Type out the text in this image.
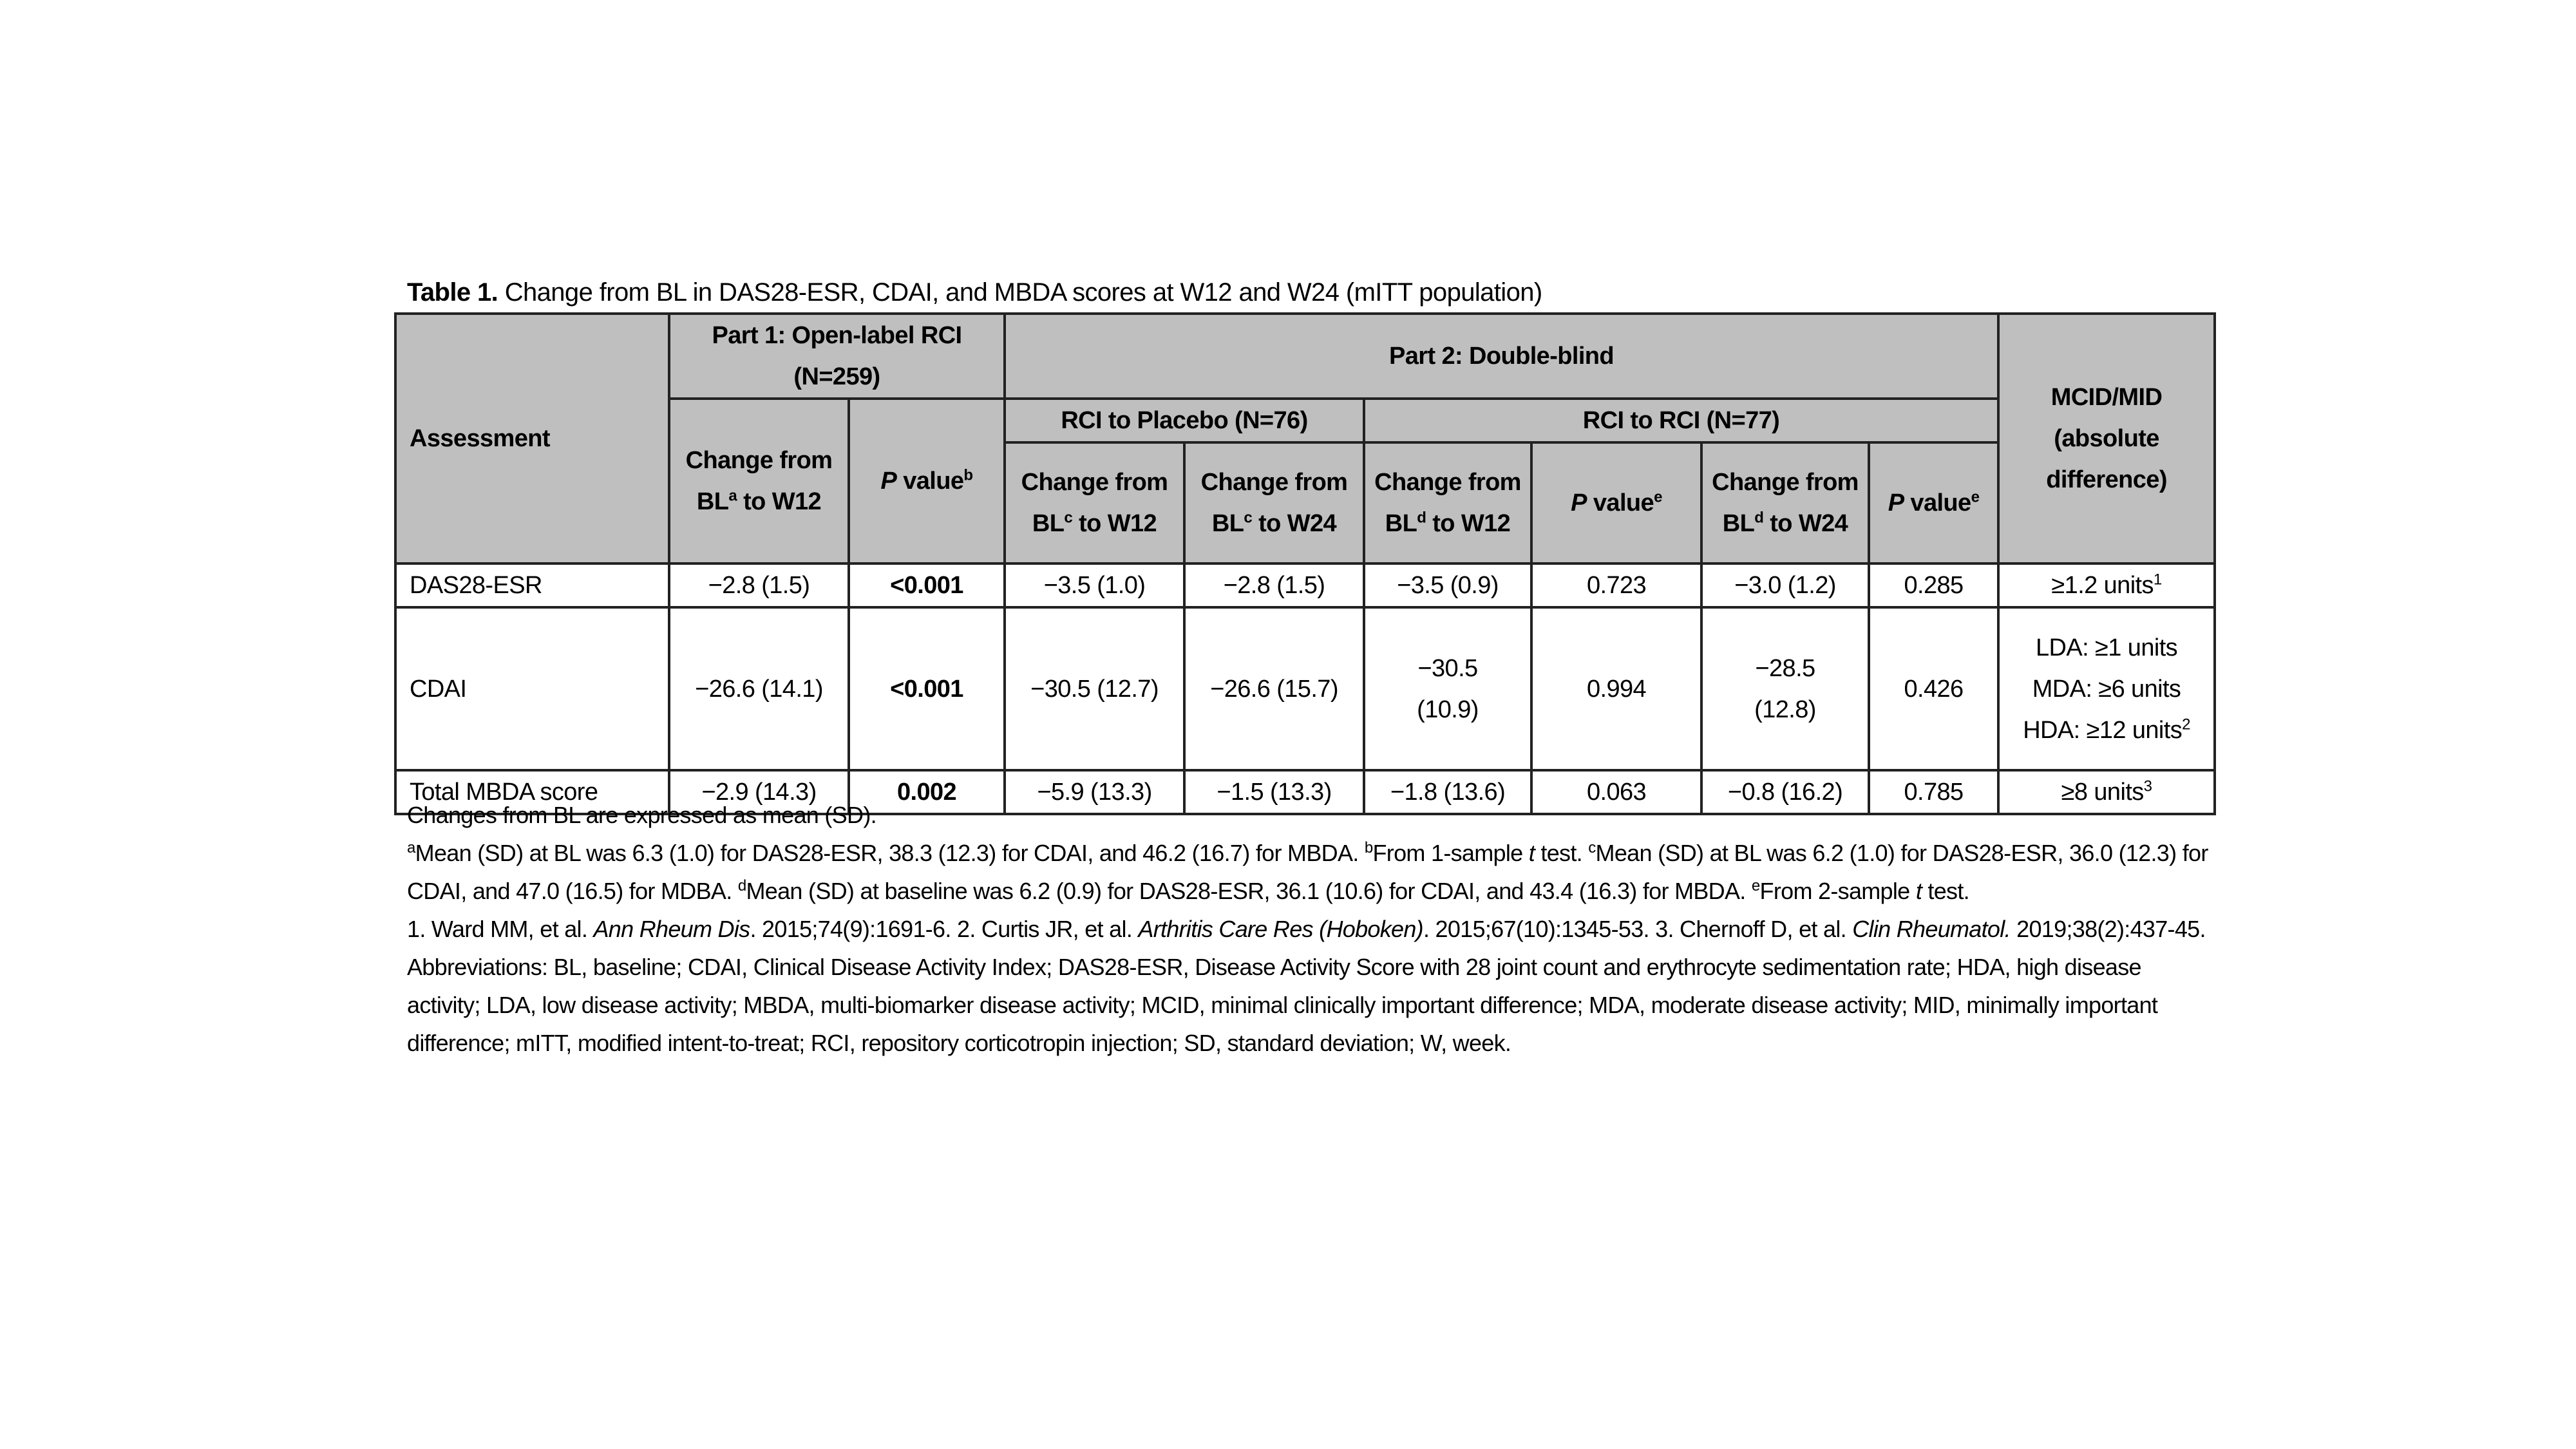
Table 1. Change from BL in DAS28-ESR, CDAI, and MBDA scores at W12 and W24 (mITT population)
Assessment	Part 1: Open-label RCI (N=259)		Part 2: Double-blind						MCID/MID (absolute difference)
	Change from $BL^a$ to W12	P value$^b$	RCI to Placebo (N=76)		RCI to RCI (N=77)				
			Change from $BL^c$ to W12	Change from $BL^c$ to W24	Change from $BL^d$ to W12	P value$^e$	Change from $BL^d$ to W24	P value$^e$
DAS28-ESR	−2.8 (1.5)	<0.001	−3.5 (1.0)	−2.8 (1.5)	−3.5 (0.9)	0.723	−3.0 (1.2)	0.285	≥1.2 units$^1$
CDAI	−26.6 (14.1)	<0.001	−30.5 (12.7)	−26.6 (15.7)	−30.5 (10.9)	0.994	−28.5 (12.8)	0.426	LDA: ≥1 units MDA: ≥6 units HDA: ≥12 units$^2$
Total MBDA score	−2.9 (14.3)	0.002	−5.9 (13.3)	−1.5 (13.3)	−1.8 (13.6)	0.063	−0.8 (16.2)	0.785	≥8 units$^3$

Changes from BL are expressed as mean (SD).

$^a$Mean (SD) at BL was 6.3 (1.0) for DAS28-ESR, 38.3 (12.3) for CDAI, and 46.2 (16.7) for MBDA. $^b$From 1-sample t test. $^c$Mean (SD) at BL was 6.2 (1.0) for DAS28-ESR, 36.0 (12.3) for CDAI, and 47.0 (16.5) for MDBA. $^d$Mean (SD) at baseline was 6.2 (0.9) for DAS28-ESR, 36.1 (10.6) for CDAI, and 43.4 (16.3) for MBDA. $^e$From 2-sample t test.

1. Ward MM, et al. Ann Rheum Dis. 2015;74(9):1691-6. 2. Curtis JR, et al. Arthritis Care Res (Hoboken). 2015;67(10):1345-53. 3. Chernoff D, et al. Clin Rheumatol. 2019;38(2):437-45.

Abbreviations: BL, baseline; CDAI, Clinical Disease Activity Index; DAS28-ESR, Disease Activity Score with 28 joint count and erythrocyte sedimentation rate; HDA, high disease activity; LDA, low disease activity; MBDA, multi-biomarker disease activity; MCID, minimal clinically important difference; MDA, moderate disease activity; MID, minimally important difference; mITT, modified intent-to-treat; RCI, repository corticotropin injection; SD, standard deviation; W, week.
